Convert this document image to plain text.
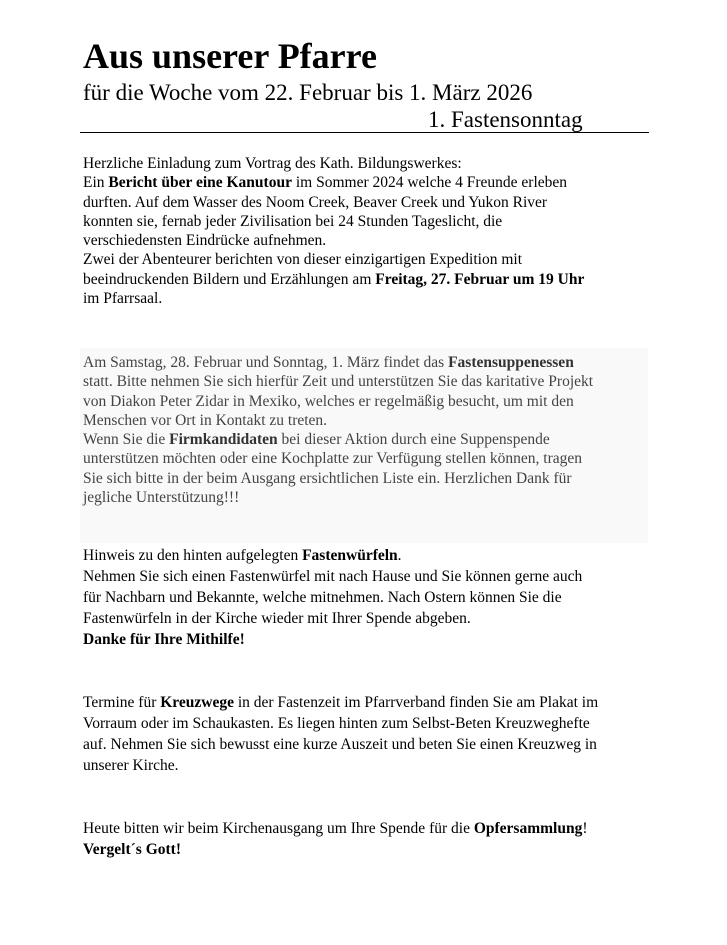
Aus unserer Pfarre
für die Woche vom 22. Februar bis 1. März 2026
1. Fastensonntag

Herzliche Einladung zum Vortrag des Kath. Bildungswerkes:

Ein Bericht über eine Kanutour im Sommer 2024 welche 4 Freunde erleben

durften. Auf dem Wasser des Noom Creek, Beaver Creek und Yukon River

konnten sie, fernab jeder Zivilisation bei 24 Stunden Tageslicht, die

verschiedensten Eindrücke aufnehmen.

Zwei der Abenteurer berichten von dieser einzigartigen Expedition mit

beeindruckenden Bildern und Erzählungen am Freitag, 27. Februar um 19 Uhr

im Pfarrsaal.

Am Samstag, 28. Februar und Sonntag, 1. März findet das Fastensuppenessen

statt. Bitte nehmen Sie sich hierfür Zeit und unterstützen Sie das karitative Projekt

von Diakon Peter Zidar in Mexiko, welches er regelmäßig besucht, um mit den

Menschen vor Ort in Kontakt zu treten.

Wenn Sie die Firmkandidaten bei dieser Aktion durch eine Suppenspende

unterstützen möchten oder eine Kochplatte zur Verfügung stellen können, tragen

Sie sich bitte in der beim Ausgang ersichtlichen Liste ein. Herzlichen Dank für

jegliche Unterstützung!!!

Hinweis zu den hinten aufgelegten Fastenwürfeln.

Nehmen Sie sich einen Fastenwürfel mit nach Hause und Sie können gerne auch

für Nachbarn und Bekannte, welche mitnehmen. Nach Ostern können Sie die

Fastenwürfeln in der Kirche wieder mit Ihrer Spende abgeben.

Danke für Ihre Mithilfe!

Termine für Kreuzwege in der Fastenzeit im Pfarrverband finden Sie am Plakat im

Vorraum oder im Schaukasten. Es liegen hinten zum Selbst-Beten Kreuzweghefte

auf. Nehmen Sie sich bewusst eine kurze Auszeit und beten Sie einen Kreuzweg in

unserer Kirche.

Heute bitten wir beim Kirchenausgang um Ihre Spende für die Opfersammlung!

Vergelt´s Gott!
